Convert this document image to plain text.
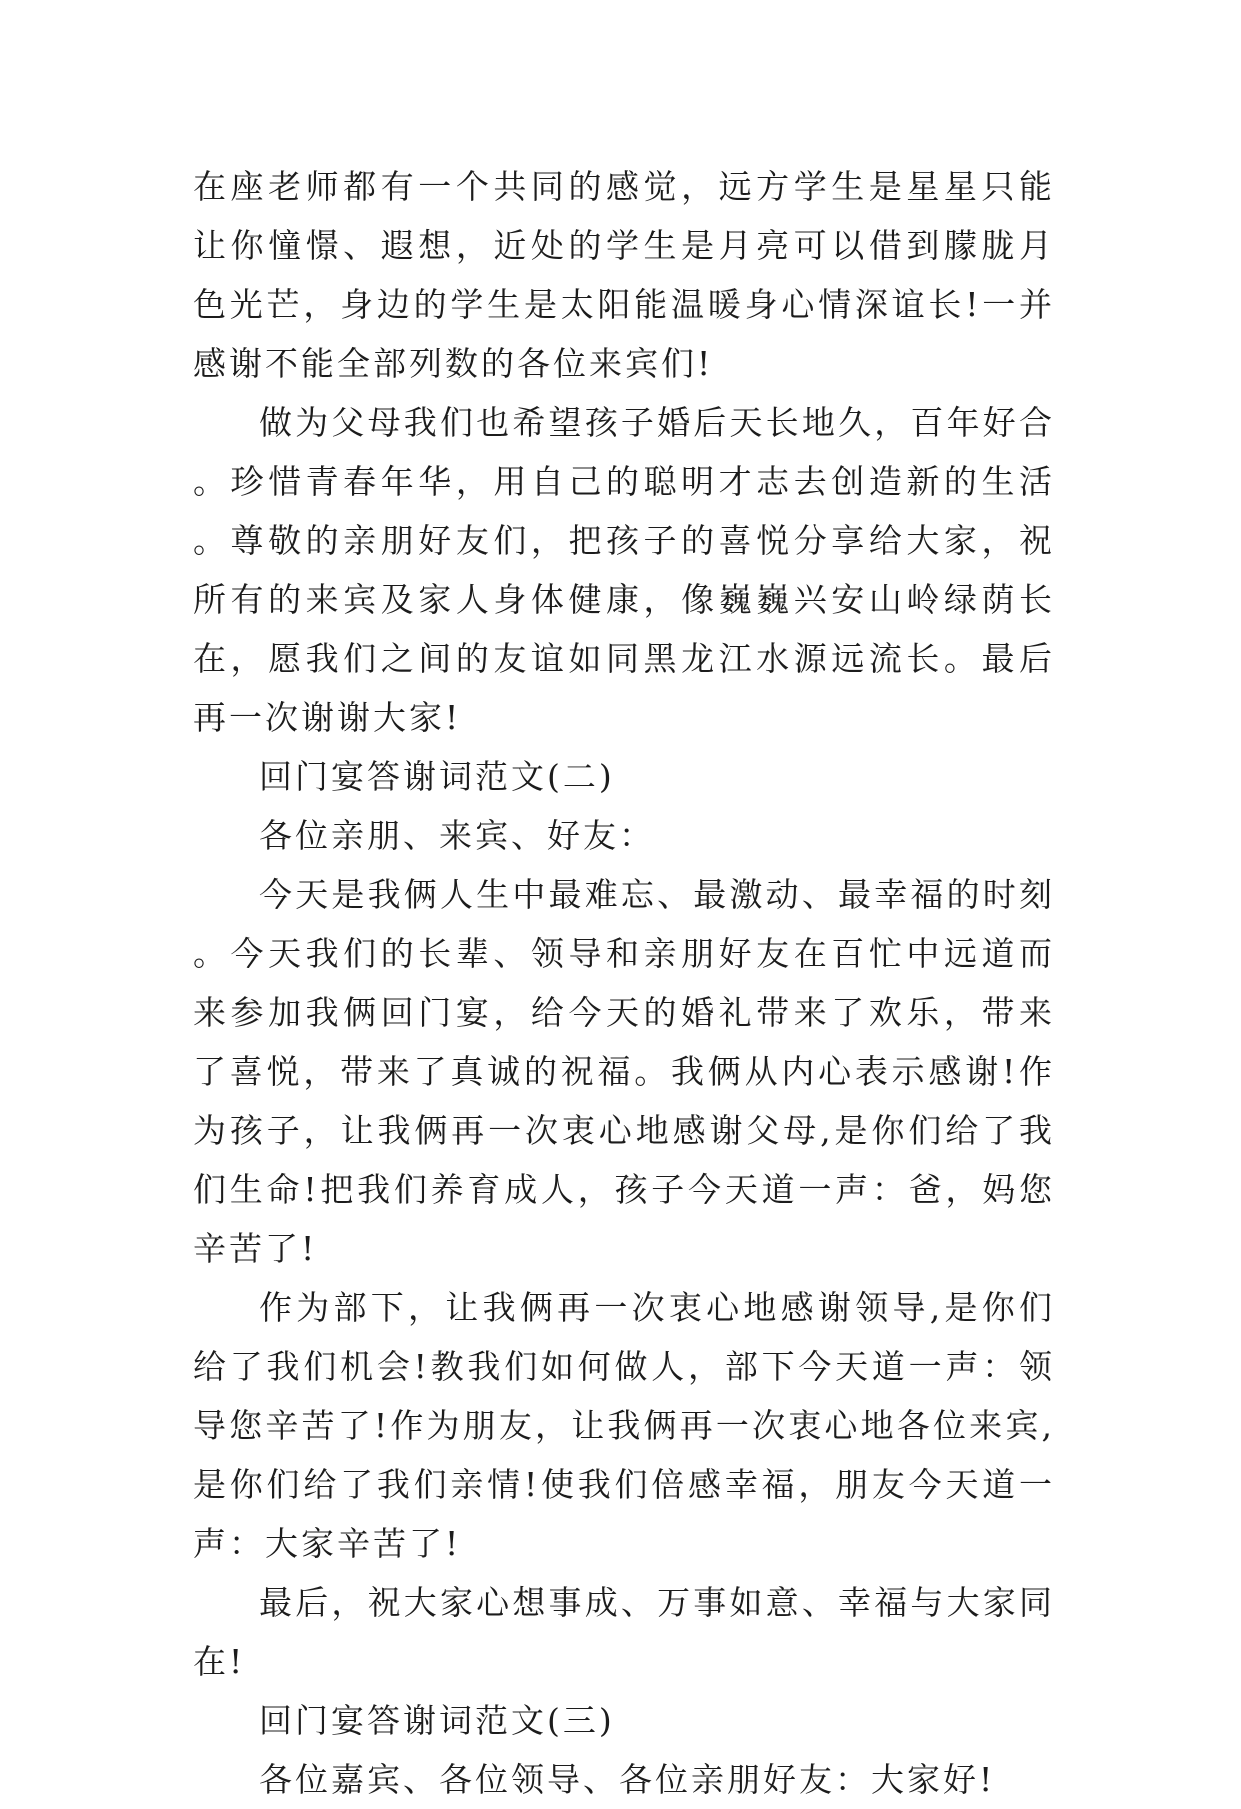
在座老师都有一个共同的感觉，远方学生是星星只能让你憧憬、遐想，近处的学生是月亮可以借到朦胧月色光芒，身边的学生是太阳能温暖身心情深谊长!一并感谢不能全部列数的各位来宾们!

做为父母我们也希望孩子婚后天长地久，百年好合。珍惜青春年华，用自己的聪明才志去创造新的生活。尊敬的亲朋好友们，把孩子的喜悦分享给大家，祝所有的来宾及家人身体健康，像巍巍兴安山岭绿荫长在，愿我们之间的友谊如同黑龙江水源远流长。最后再一次谢谢大家!

回门宴答谢词范文(二)

各位亲朋、来宾、好友：

今天是我俩人生中最难忘、最激动、最幸福的时刻。今天我们的长辈、领导和亲朋好友在百忙中远道而来参加我俩回门宴，给今天的婚礼带来了欢乐，带来了喜悦，带来了真诚的祝福。我俩从内心表示感谢!作为孩子，让我俩再一次衷心地感谢父母,是你们给了我们生命!把我们养育成人，孩子今天道一声：爸，妈您辛苦了!

作为部下，让我俩再一次衷心地感谢领导,是你们给了我们机会!教我们如何做人，部下今天道一声：领导您辛苦了!作为朋友，让我俩再一次衷心地各位来宾,是你们给了我们亲情!使我们倍感幸福，朋友今天道一声：大家辛苦了!

最后，祝大家心想事成、万事如意、幸福与大家同在!

回门宴答谢词范文(三)

各位嘉宾、各位领导、各位亲朋好友：大家好!
